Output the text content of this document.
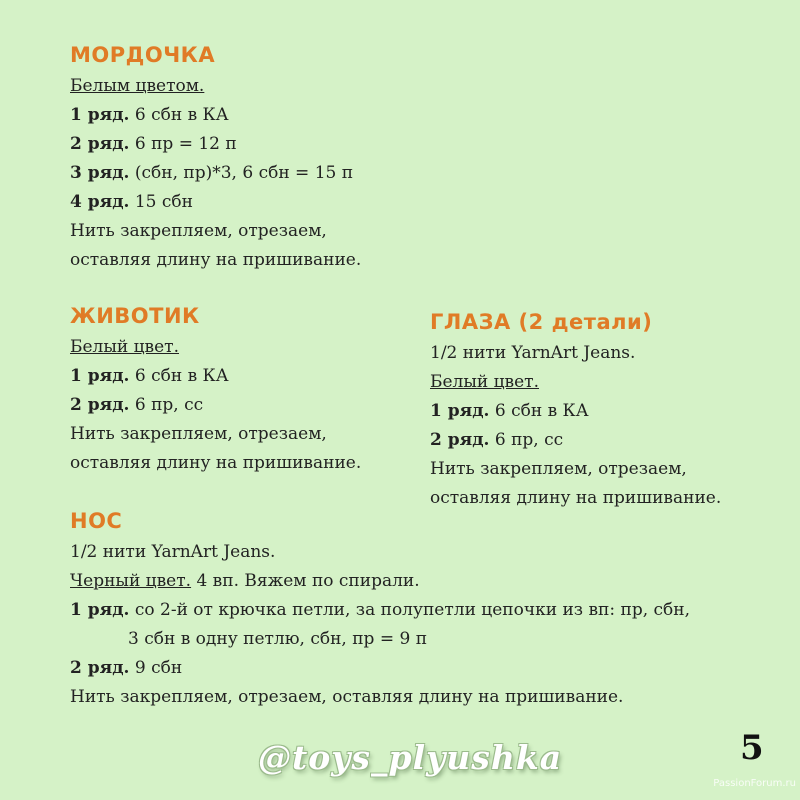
МОРДОЧКА
Белым цветом.
1 ряд. 6 сбн в КА
2 ряд. 6 пр = 12 п
3 ряд. (сбн, пр)*3, 6 сбн = 15 п
4 ряд. 15 сбн
Нить закрепляем, отрезаем,
оставляя длину на пришивание.
ЖИВОТИК
Белый цвет.
1 ряд. 6 сбн в КА
2 ряд. 6 пр, сс
Нить закрепляем, отрезаем,
оставляя длину на пришивание.
ГЛАЗА (2 детали)
1/2 нити YarnArt Jeans.
Белый цвет.
1 ряд. 6 сбн в КА
2 ряд. 6 пр, сс
Нить закрепляем, отрезаем,
оставляя длину на пришивание.
НОС
1/2 нити YarnArt Jeans.
Черный цвет. 4 вп. Вяжем по спирали.
1 ряд. со 2-й от крючка петли, за полупетли цепочки из вп: пр, сбн,
3 сбн в одну петлю, сбн, пр = 9 п
2 ряд. 9 сбн
Нить закрепляем, отрезаем, оставляя длину на пришивание.
@toys_plyushka	5
PassionForum.ru
